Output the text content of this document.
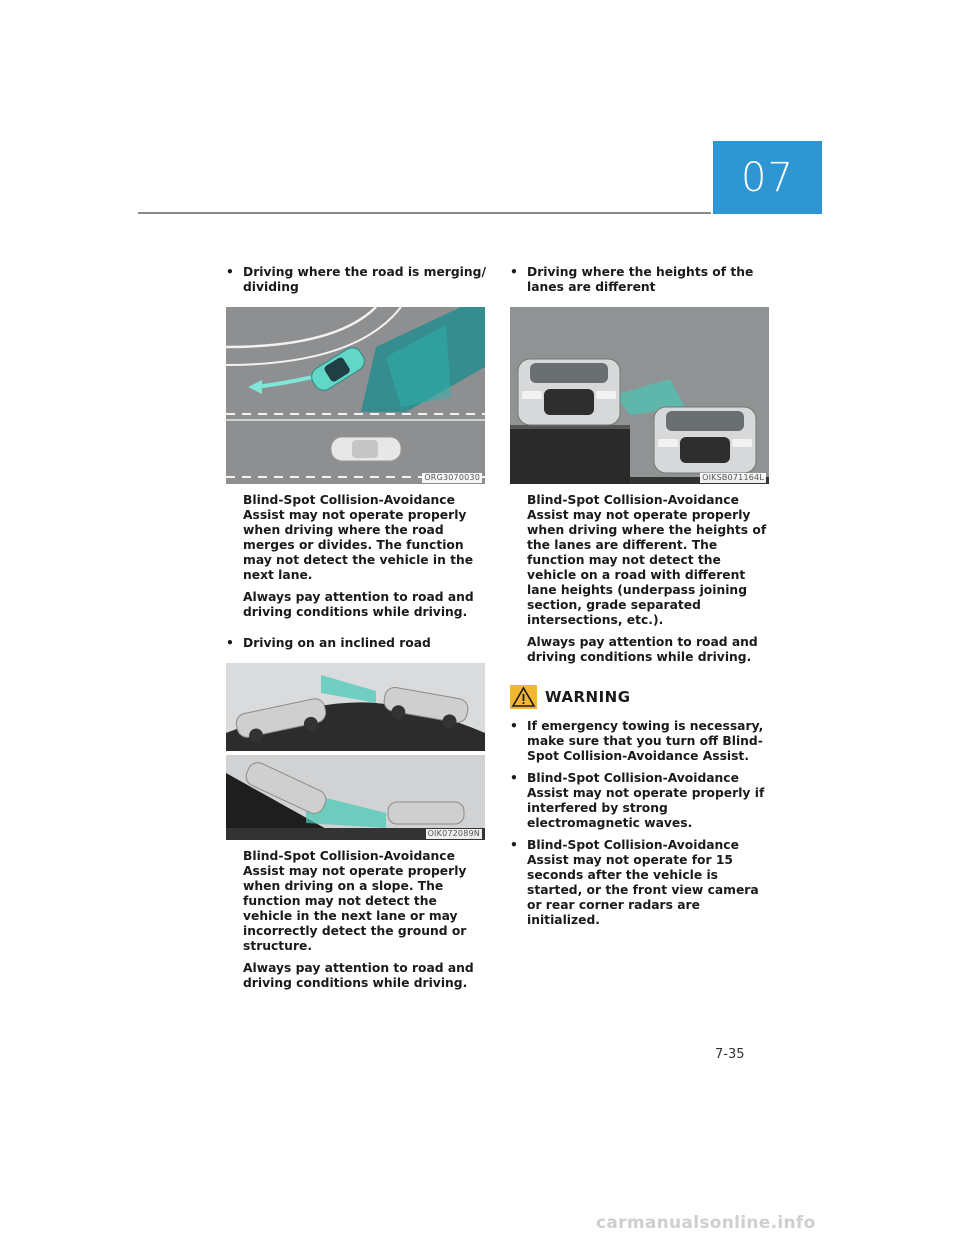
07
• Driving where the road is merging/ dividing
ORG3070030

Blind-Spot Collision-Avoidance Assist may not operate properly when driving where the road merges or divides. The function may not detect the vehicle in the next lane.

Always pay attention to road and driving conditions while driving.

• Driving on an inclined road
OIK072089N

Blind-Spot Collision-Avoidance Assist may not operate properly when driving on a slope. The function may not detect the vehicle in the next lane or may incorrectly detect the ground or structure.

Always pay attention to road and driving conditions while driving.

• Driving where the heights of the lanes are different
OIKSB071164L

Blind-Spot Collision-Avoidance Assist may not operate properly when driving where the heights of the lanes are different. The function may not detect the vehicle on a road with different lane heights (underpass joining section, grade separated intersections, etc.).

Always pay attention to road and driving conditions while driving.

WARNING
• If emergency towing is necessary, make sure that you turn off Blind-Spot Collision-Avoidance Assist.
• Blind-Spot Collision-Avoidance Assist may not operate properly if interfered by strong electromagnetic waves.
• Blind-Spot Collision-Avoidance Assist may not operate for 15 seconds after the vehicle is started, or the front view camera or rear corner radars are initialized.
7-35
carmanualsonline.info
